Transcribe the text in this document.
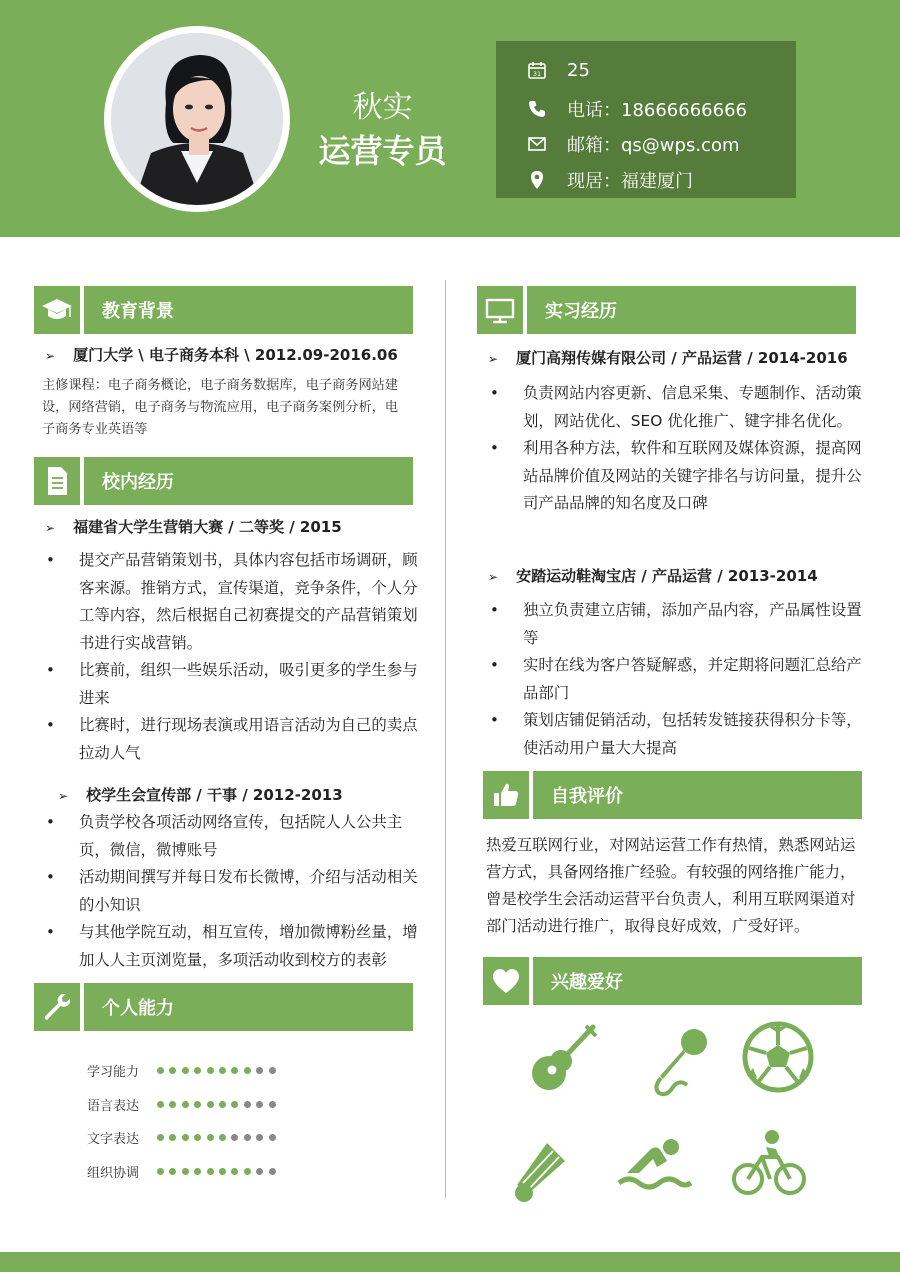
秋实
运营专员
31 25
电话：18666666666
邮箱：qs@wps.com
现居：福建厦门
教育背景
➢ 厦门大学 \ 电子商务本科 \ 2012.09-2016.06
主修课程：电子商务概论，电子商务数据库，电子商务网站建设，网络营销，电子商务与物流应用，电子商务案例分析，电子商务专业英语等
校内经历
➢ 福建省大学生营销大赛 / 二等奖 / 2015
• 提交产品营销策划书，具体内容包括市场调研，顾客来源。推销方式，宣传渠道，竞争条件，个人分工等内容，然后根据自己初赛提交的产品营销策划书进行实战营销。
• 比赛前，组织一些娱乐活动，吸引更多的学生参与进来
• 比赛时，进行现场表演或用语言活动为自己的卖点拉动人气
➢ 校学生会宣传部 / 干事 / 2012-2013
• 负责学校各项活动网络宣传，包括院人人公共主页，微信，微博账号
• 活动期间撰写并每日发布长微博，介绍与活动相关的小知识
• 与其他学院互动，相互宣传，增加微博粉丝量，增加人人主页浏览量，多项活动收到校方的表彰
个人能力
学习能力
语言表达
文字表达
组织协调
实习经历
➢ 厦门高翔传媒有限公司 / 产品运营 / 2014-2016
• 负责网站内容更新、信息采集、专题制作、活动策划，网站优化、SEO 优化推广、键字排名优化。
• 利用各种方法，软件和互联网及媒体资源，提高网站品牌价值及网站的关键字排名与访问量，提升公司产品品牌的知名度及口碑
➢ 安踏运动鞋淘宝店 / 产品运营 / 2013-2014
• 独立负责建立店铺，添加产品内容，产品属性设置等
• 实时在线为客户答疑解惑，并定期将问题汇总给产品部门
• 策划店铺促销活动，包括转发链接获得积分卡等，使活动用户量大大提高
自我评价
热爱互联网行业，对网站运营工作有热情，熟悉网站运营方式，具备网络推广经验。有较强的网络推广能力，曾是校学生会活动运营平台负责人，利用互联网渠道对部门活动进行推广，取得良好成效，广受好评。
兴趣爱好
